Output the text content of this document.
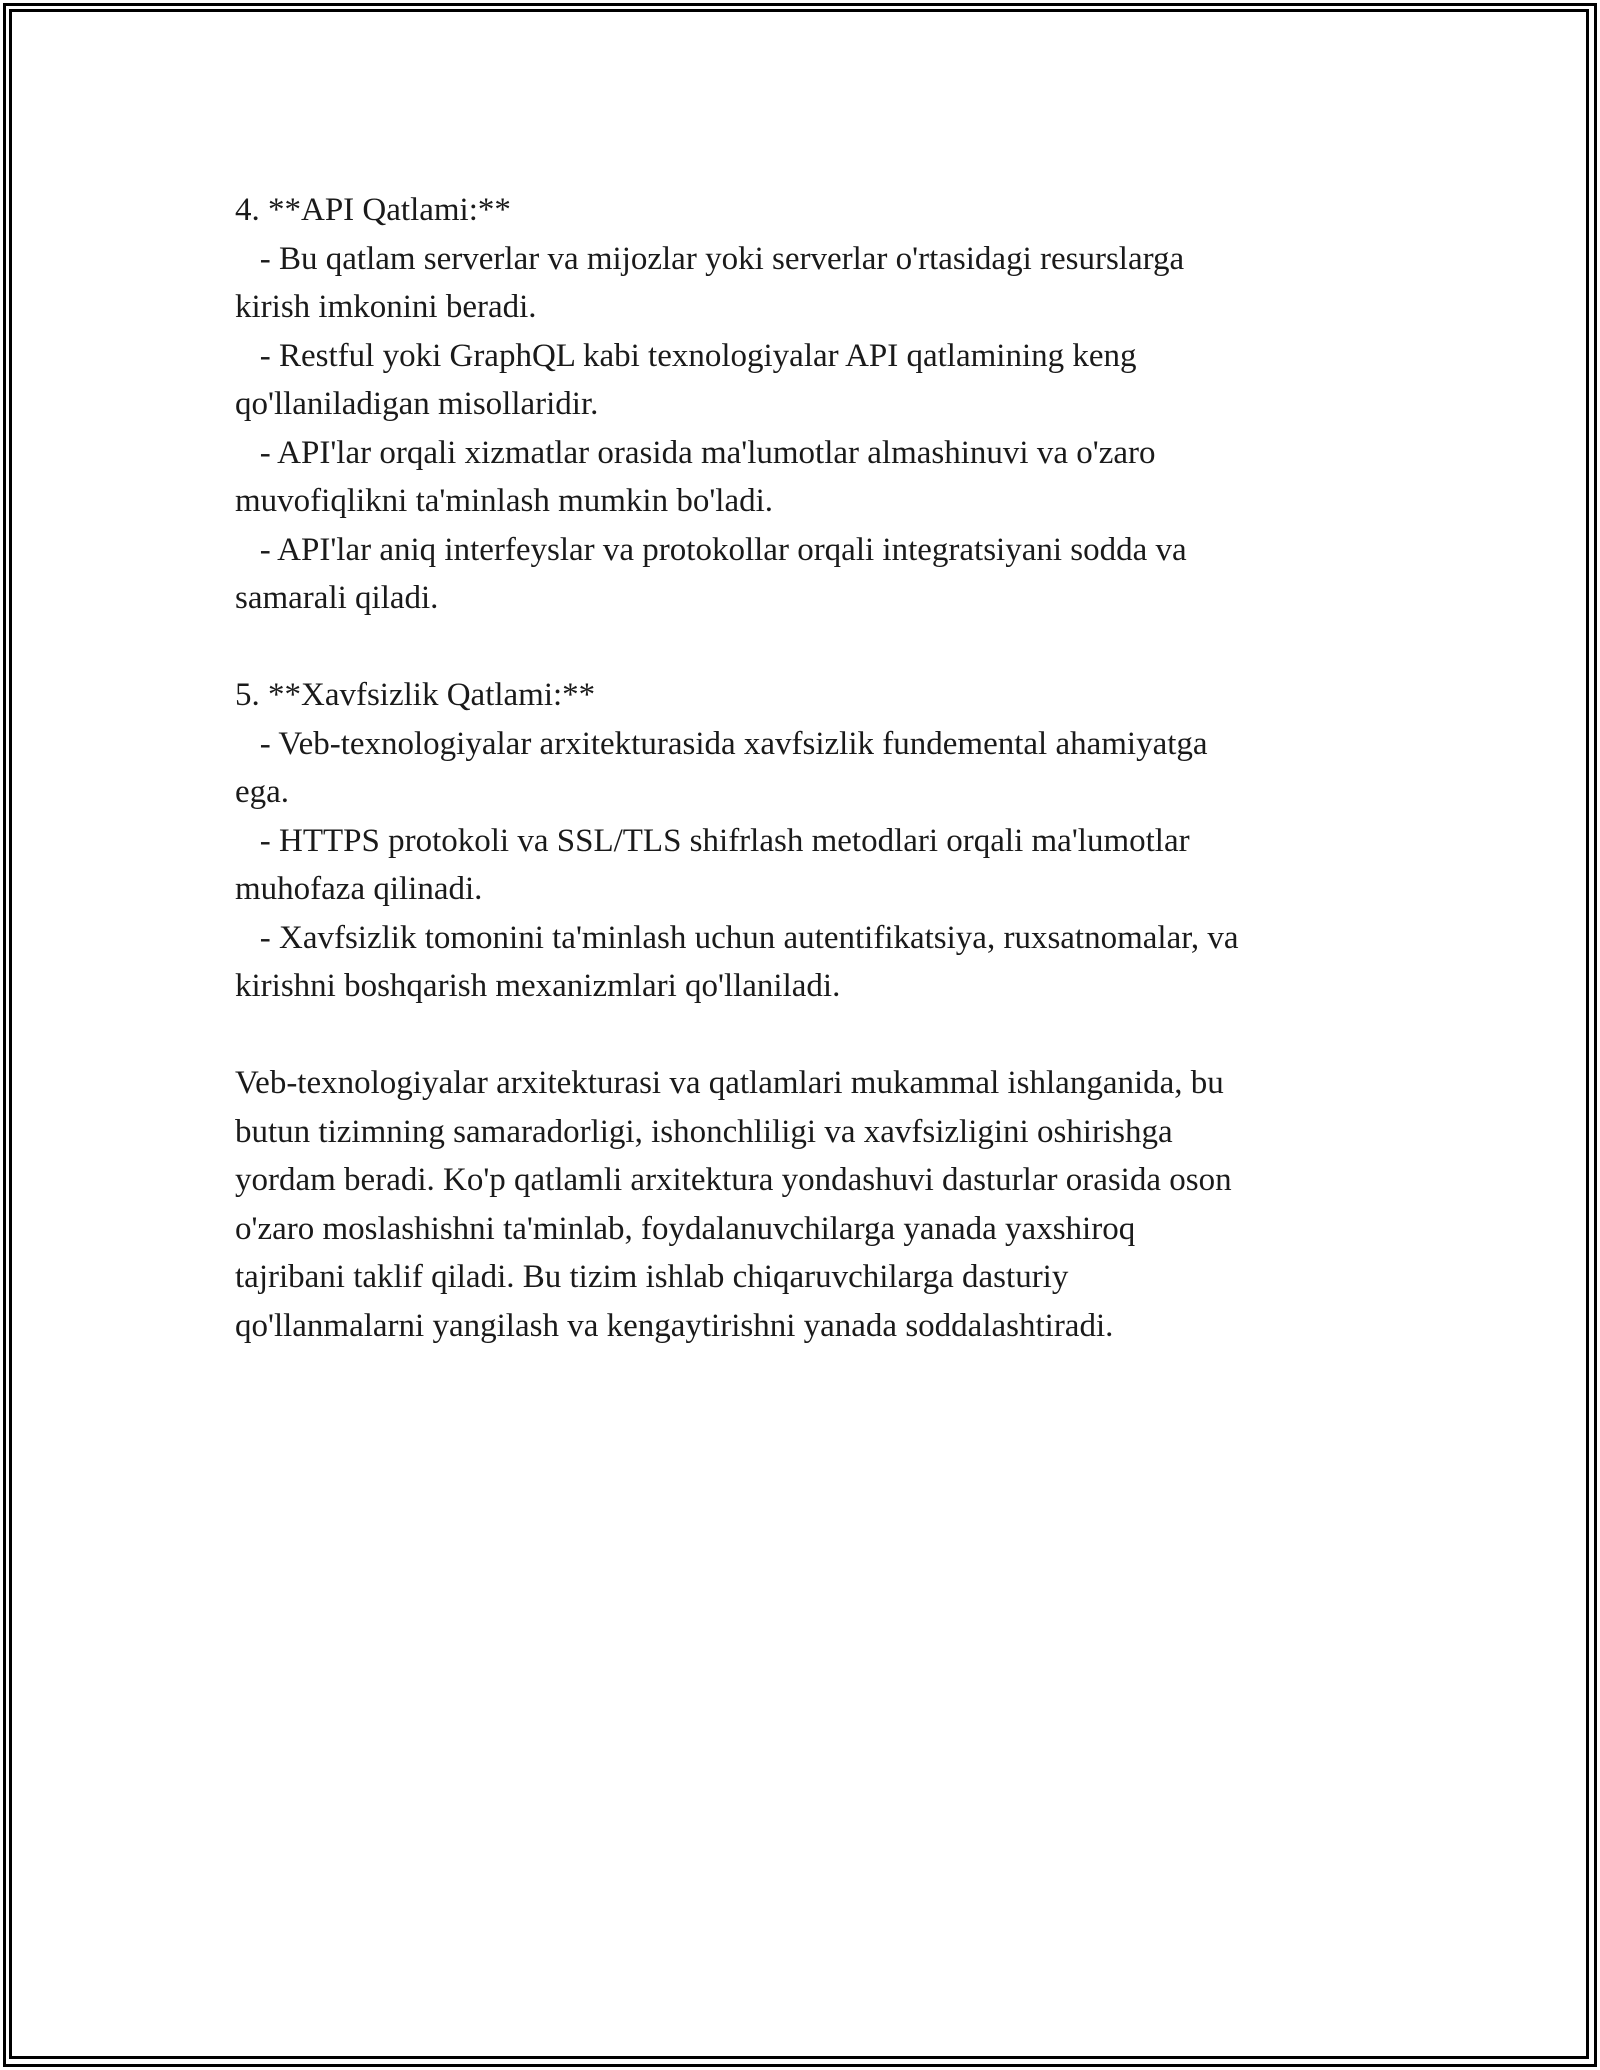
4. **API Qatlami:**
- Bu qatlam serverlar va mijozlar yoki serverlar o'rtasidagi resurslarga
kirish imkonini beradi.
- Restful yoki GraphQL kabi texnologiyalar API qatlamining keng
qo'llaniladigan misollaridir.
- API'lar orqali xizmatlar orasida ma'lumotlar almashinuvi va o'zaro
muvofiqlikni ta'minlash mumkin bo'ladi.
- API'lar aniq interfeyslar va protokollar orqali integratsiyani sodda va
samarali qiladi.
5. **Xavfsizlik Qatlami:**
- Veb-texnologiyalar arxitekturasida xavfsizlik fundemental ahamiyatga
ega.
- HTTPS protokoli va SSL/TLS shifrlash metodlari orqali ma'lumotlar
muhofaza qilinadi.
- Xavfsizlik tomonini ta'minlash uchun autentifikatsiya, ruxsatnomalar, va
kirishni boshqarish mexanizmlari qo'llaniladi.
Veb-texnologiyalar arxitekturasi va qatlamlari mukammal ishlanganida, bu
butun tizimning samaradorligi, ishonchliligi va xavfsizligini oshirishga
yordam beradi. Ko'p qatlamli arxitektura yondashuvi dasturlar orasida oson
o'zaro moslashishni ta'minlab, foydalanuvchilarga yanada yaxshiroq
tajribani taklif qiladi. Bu tizim ishlab chiqaruvchilarga dasturiy
qo'llanmalarni yangilash va kengaytirishni yanada soddalashtiradi.
